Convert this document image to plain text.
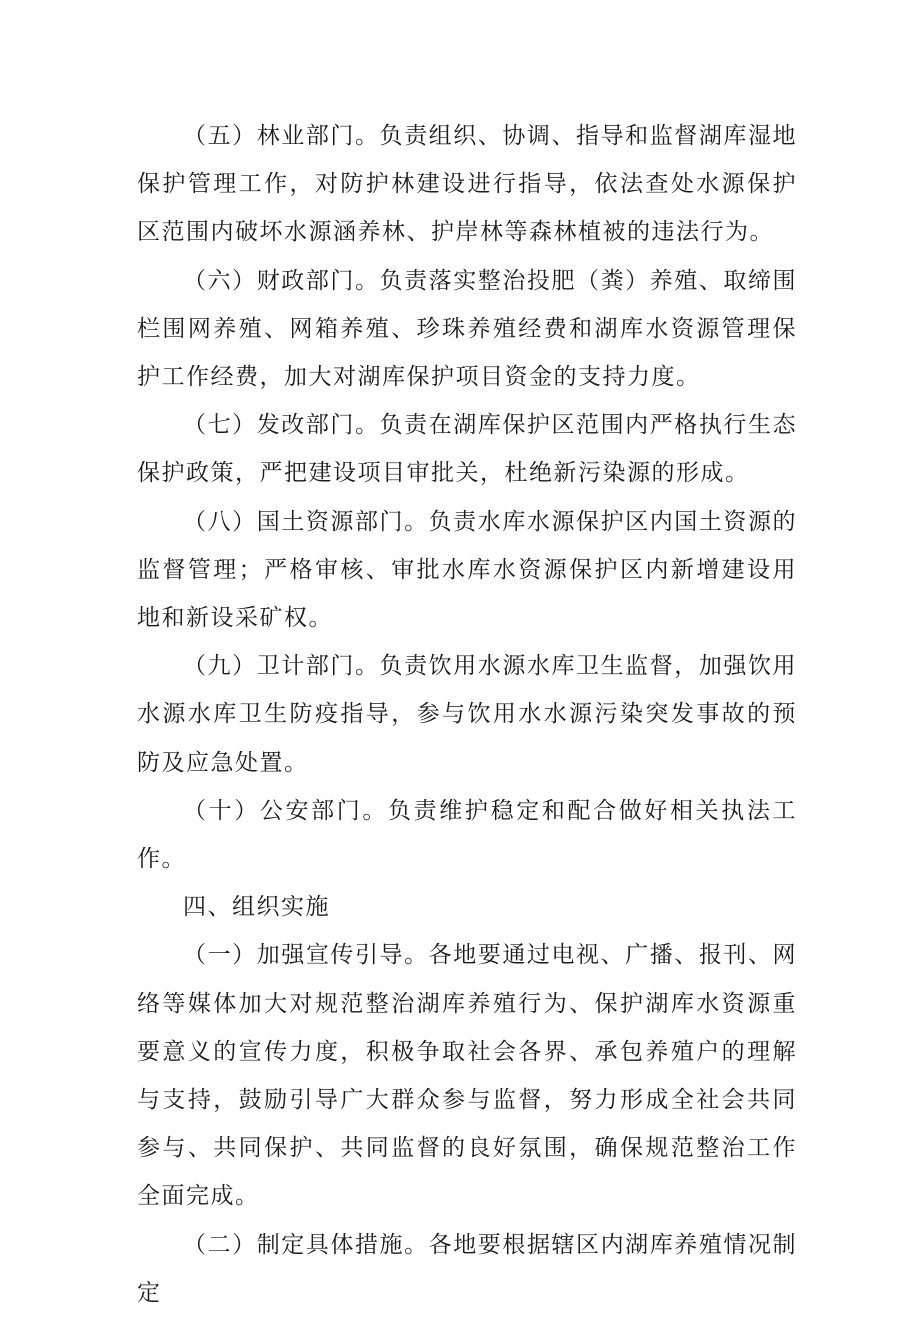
（五）林业部门。负责组织、协调、指导和监督湖库湿地保护管理工作，对防护林建设进行指导，依法查处水源保护区范围内破坏水源涵养林、护岸林等森林植被的违法行为。

（六）财政部门。负责落实整治投肥（粪）养殖、取缔围栏围网养殖、网箱养殖、珍珠养殖经费和湖库水资源管理保护工作经费，加大对湖库保护项目资金的支持力度。

（七）发改部门。负责在湖库保护区范围内严格执行生态保护政策，严把建设项目审批关，杜绝新污染源的形成。

（八）国土资源部门。负责水库水源保护区内国土资源的监督管理；严格审核、审批水库水资源保护区内新增建设用地和新设采矿权。

（九）卫计部门。负责饮用水源水库卫生监督，加强饮用水源水库卫生防疫指导，参与饮用水水源污染突发事故的预防及应急处置。

（十）公安部门。负责维护稳定和配合做好相关执法工作。

四、组织实施

（一）加强宣传引导。各地要通过电视、广播、报刊、网络等媒体加大对规范整治湖库养殖行为、保护湖库水资源重要意义的宣传力度，积极争取社会各界、承包养殖户的理解与支持，鼓励引导广大群众参与监督，努力形成全社会共同参与、共同保护、共同监督的良好氛围，确保规范整治工作全面完成。

（二）制定具体措施。各地要根据辖区内湖库养殖情况制定
